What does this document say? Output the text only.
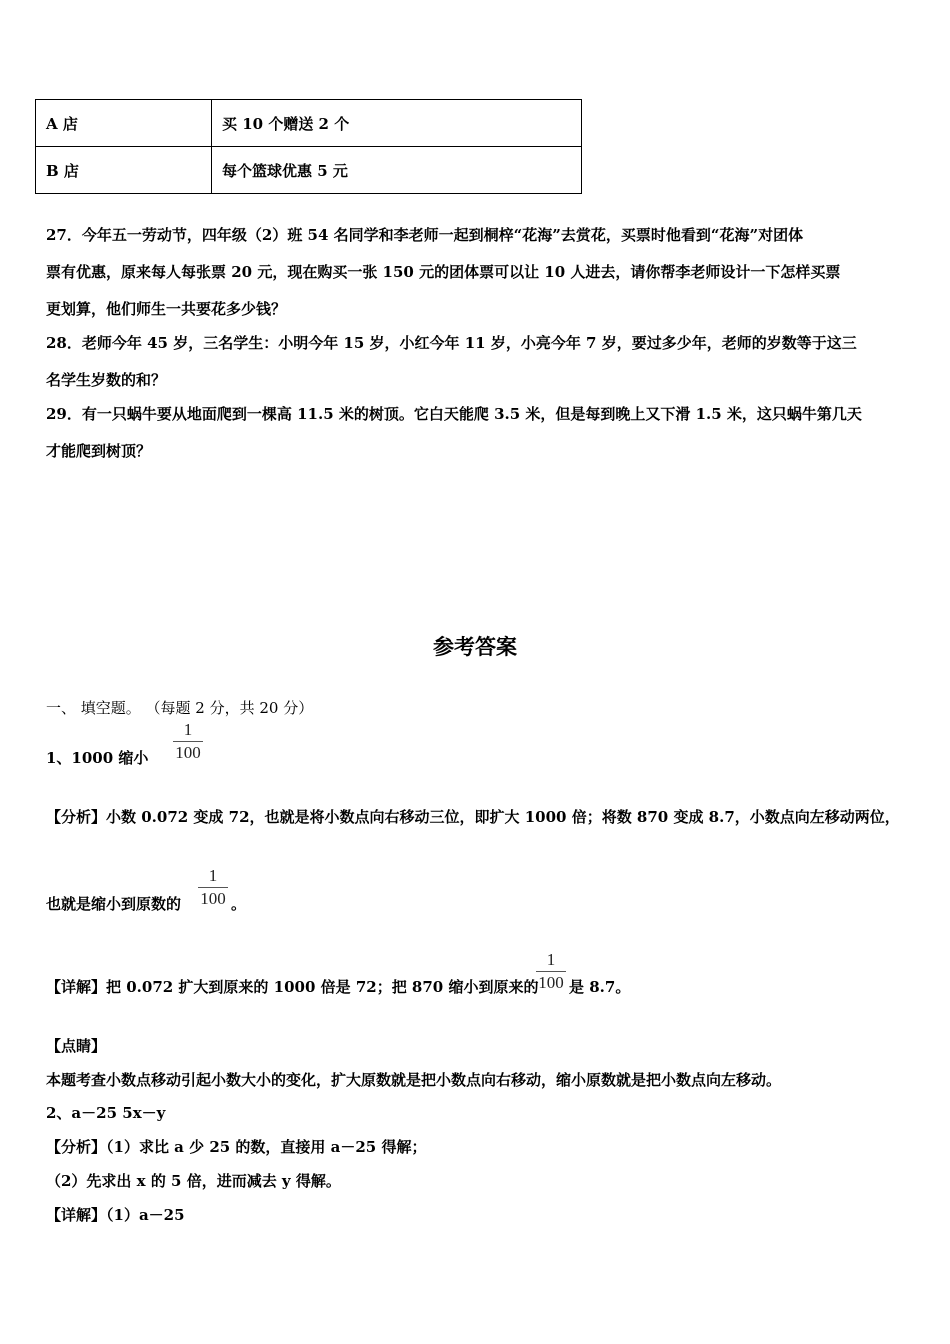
A 店	买 10 个赠送 2 个
B 店	每个篮球优惠 5 元
27．今年五一劳动节，四年级（2）班 54 名同学和李老师一起到桐梓“花海”去赏花，买票时他看到“花海”对团体
票有优惠，原来每人每张票 20 元，现在购买一张 150 元的团体票可以让 10 人进去，请你帮李老师设计一下怎样买票
更划算，他们师生一共要花多少钱？
28．老师今年 45 岁，三名学生：小明今年 15 岁，小红今年 11 岁，小亮今年 7 岁，要过多少年，老师的岁数等于这三
名学生岁数的和？
29．有一只蜗牛要从地面爬到一棵高 11.5 米的树顶。它白天能爬 3.5 米，但是每到晚上又下滑 1.5 米，这只蜗牛第几天
才能爬到树顶？
参考答案
一、 填空题。 （每题 2 分，共 20 分）
1、1000 缩小
1
100
【分析】小数 0.072 变成 72，也就是将小数点向右移动三位，即扩大 1000 倍；将数 870 变成 8.7，小数点向左移动两位，
也就是缩小到原数的
1
100 。
【详解】把 0.072 扩大到原来的 1000 倍是 72；把 870 缩小到原来的
1
100 是 8.7。
【点睛】
本题考查小数点移动引起小数大小的变化，扩大原数就是把小数点向右移动，缩小原数就是把小数点向左移动。
2、a－25 5x－y
【分析】（1）求比 a 少 25 的数，直接用 a－25 得解；
（2）先求出 x 的 5 倍，进而减去 y 得解。
【详解】（1）a－25
